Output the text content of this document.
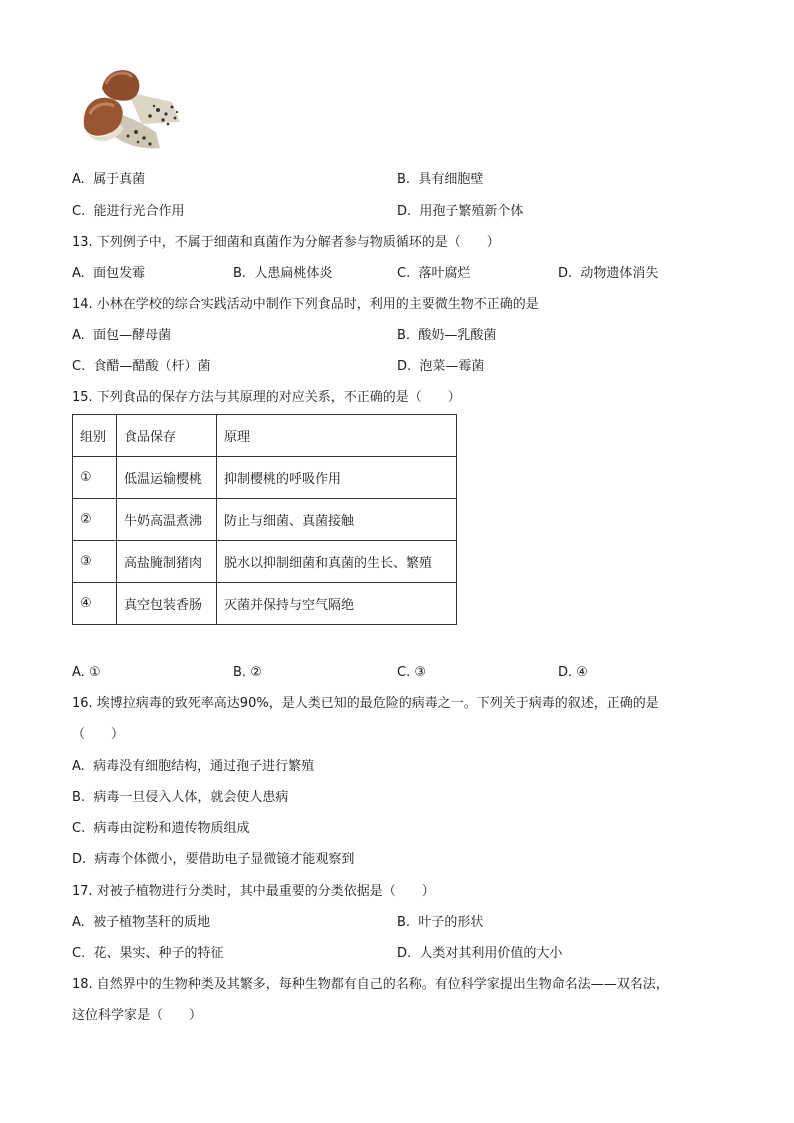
A. 属于真菌	B. 具有细胞壁
C. 能进行光合作用	D. 用孢子繁殖新个体
13. 下列例子中，不属于细菌和真菌作为分解者参与物质循环的是（　　）
A. 面包发霉	B. 人患扁桃体炎	C. 落叶腐烂	D. 动物遗体消失
14. 小林在学校的综合实践活动中制作下列食品时，利用的主要微生物不正确的是
A. 面包—酵母菌	B. 酸奶—乳酸菌
C. 食醋—醋酸（杆）菌	D. 泡菜—霉菌
15. 下列食品的保存方法与其原理的对应关系，不正确的是（　　）
组别	食品保存	原理
①	低温运输樱桃	抑制樱桃的呼吸作用
②	牛奶高温煮沸	防止与细菌、真菌接触
③	高盐腌制猪肉	脱水以抑制细菌和真菌的生长、繁殖
④	真空包装香肠	灭菌并保持与空气隔绝
A. ①	B. ②	C. ③	D. ④
16. 埃博拉病毒的致死率高达90%，是人类已知的最危险的病毒之一。下列关于病毒的叙述，正确的是
（　　）
A. 病毒没有细胞结构，通过孢子进行繁殖
B. 病毒一旦侵入人体，就会使人患病
C. 病毒由淀粉和遗传物质组成
D. 病毒个体微小，要借助电子显微镜才能观察到
17. 对被子植物进行分类时，其中最重要的分类依据是（　　）
A. 被子植物茎秆的质地	B. 叶子的形状
C. 花、果实、种子的特征	D. 人类对其利用价值的大小
18. 自然界中的生物种类及其繁多，每种生物都有自己的名称。有位科学家提出生物命名法——双名法，
这位科学家是（　　）
